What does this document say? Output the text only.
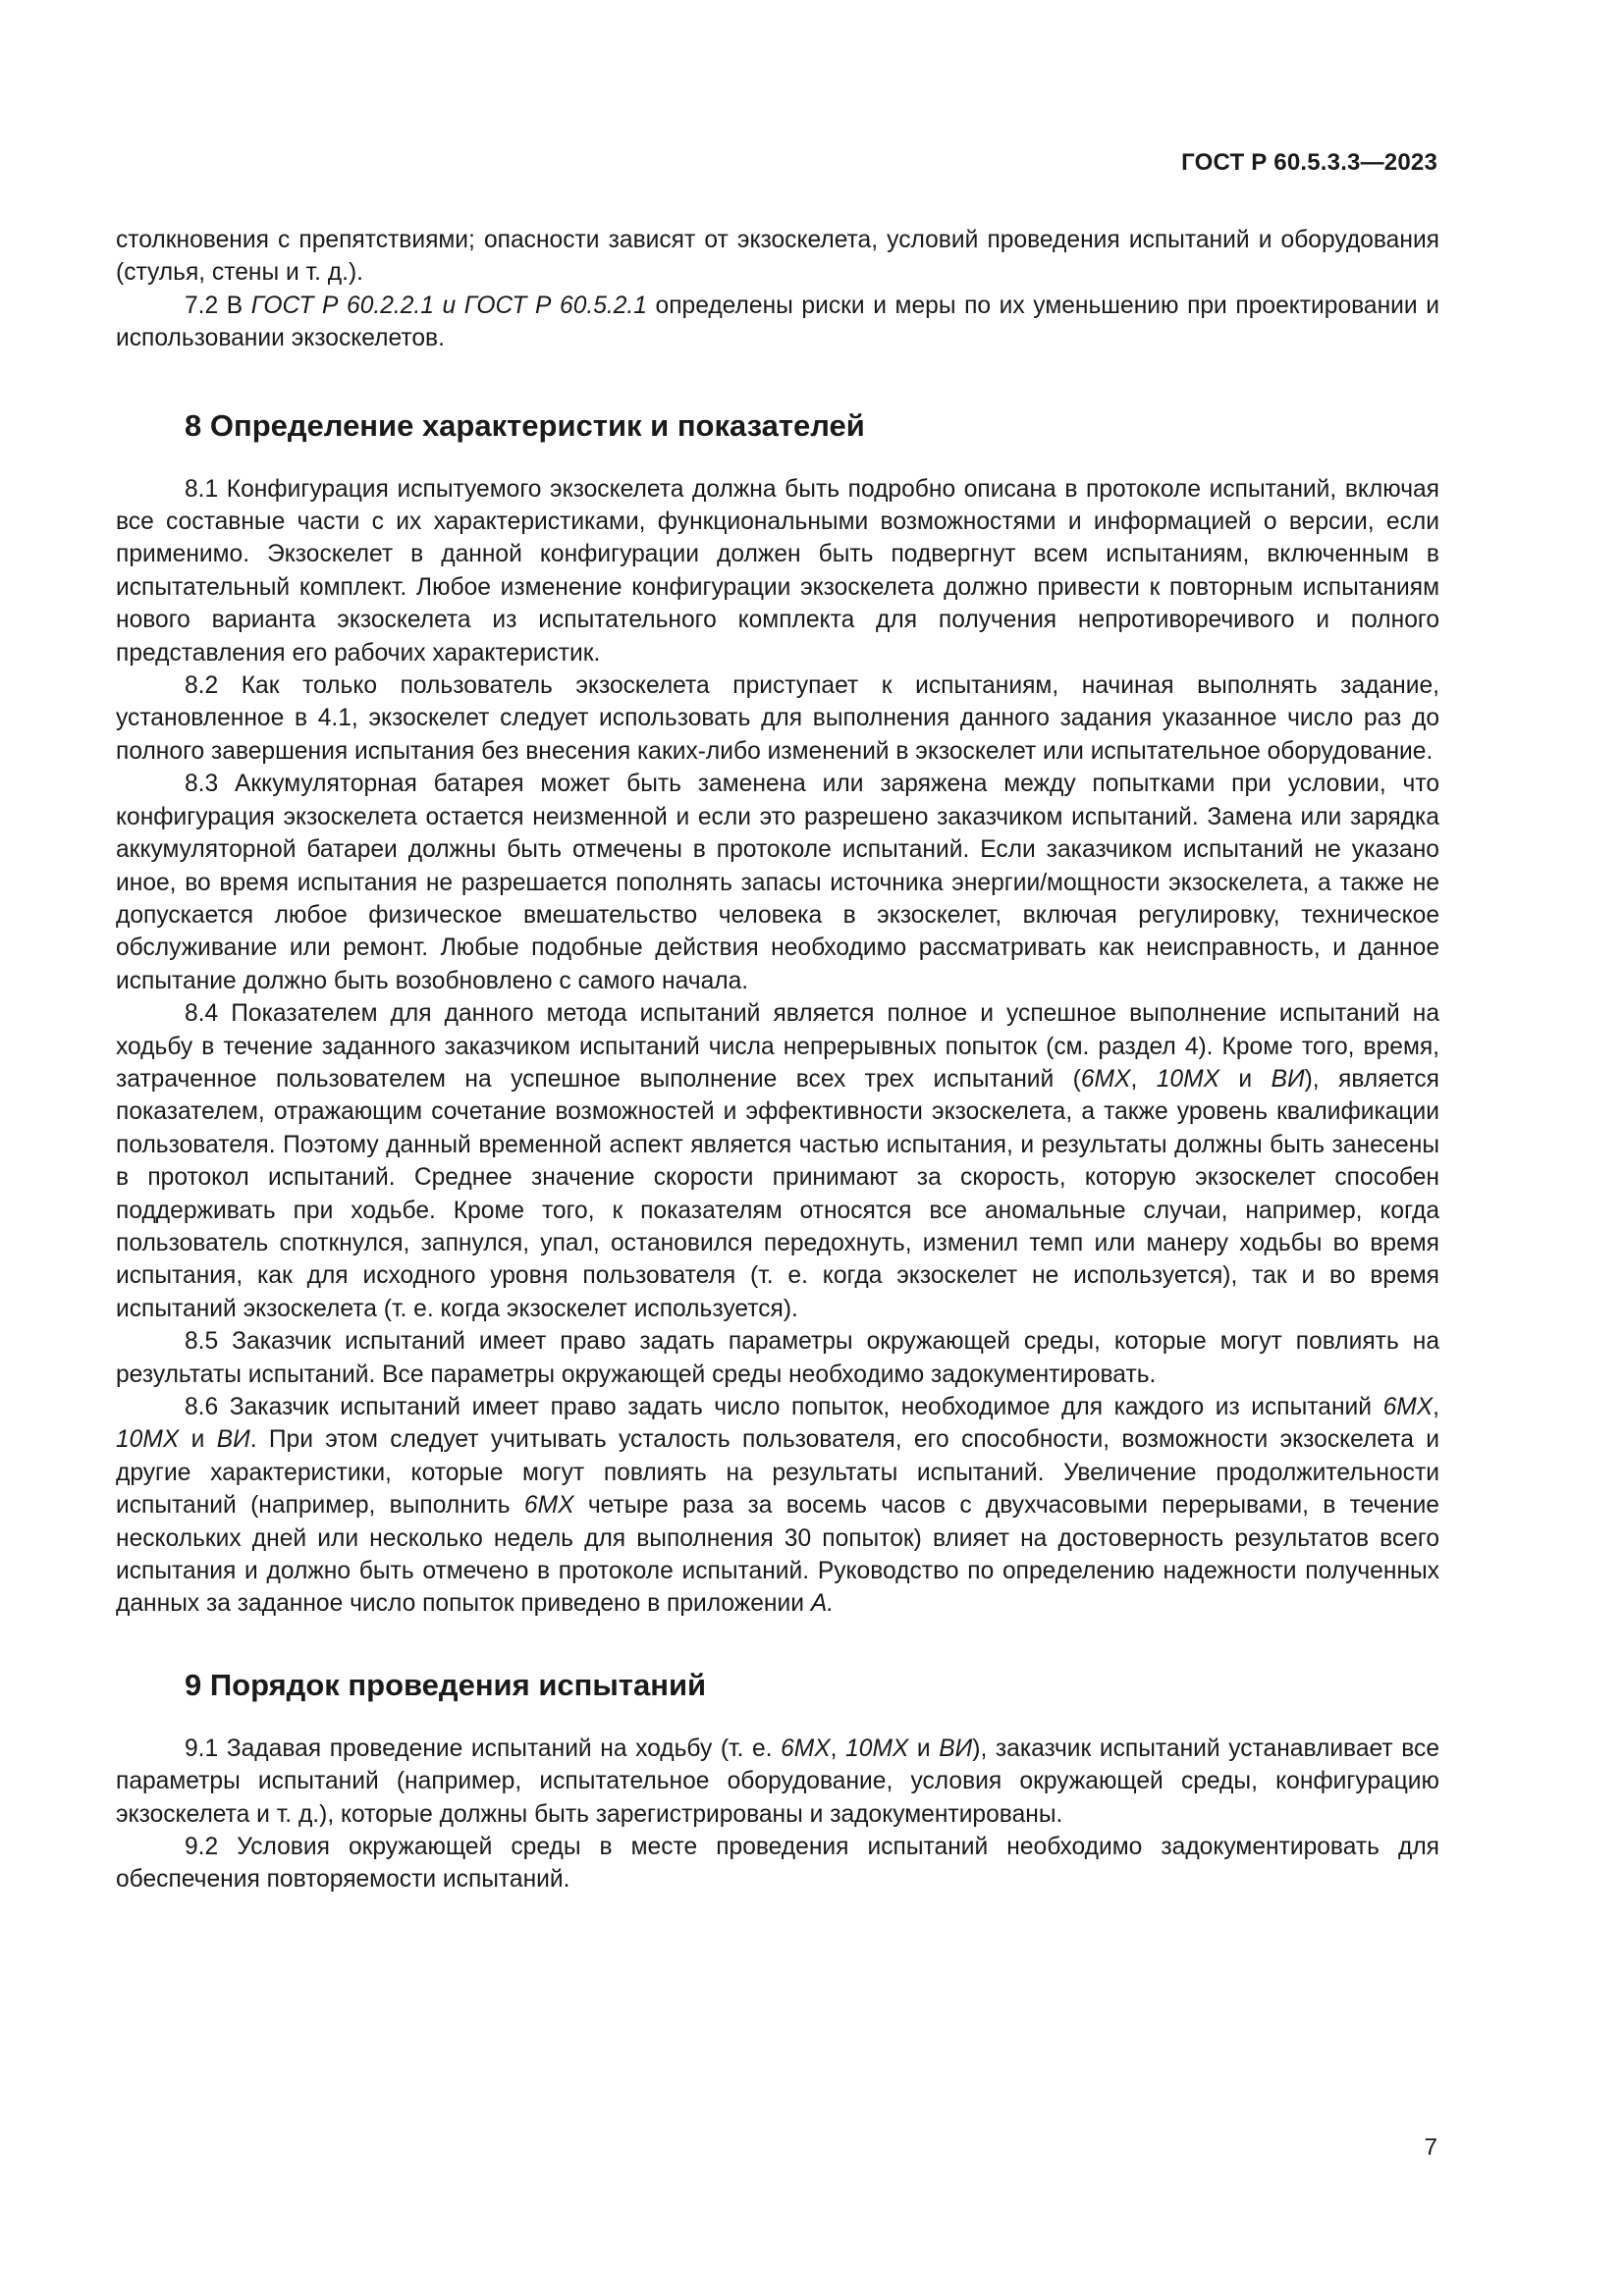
ГОСТ Р 60.5.3.3—2023

столкновения с препятствиями; опасности зависят от экзоскелета, условий проведения испытаний и оборудования (стулья, стены и т. д.).

7.2 В ГОСТ Р 60.2.2.1 и ГОСТ Р 60.5.2.1 определены риски и меры по их уменьшению при проектировании и использовании экзоскелетов.

8 Определение характеристик и показателей

8.1 Конфигурация испытуемого экзоскелета должна быть подробно описана в протоколе испытаний, включая все составные части с их характеристиками, функциональными возможностями и информацией о версии, если применимо. Экзоскелет в данной конфигурации должен быть подвергнут всем испытаниям, включенным в испытательный комплект. Любое изменение конфигурации экзоскелета должно привести к повторным испытаниям нового варианта экзоскелета из испытательного комплекта для получения непротиворечивого и полного представления его рабочих характеристик.

8.2 Как только пользователь экзоскелета приступает к испытаниям, начиная выполнять задание, установленное в 4.1, экзоскелет следует использовать для выполнения данного задания указанное число раз до полного завершения испытания без внесения каких-либо изменений в экзоскелет или испытательное оборудование.

8.3 Аккумуляторная батарея может быть заменена или заряжена между попытками при условии, что конфигурация экзоскелета остается неизменной и если это разрешено заказчиком испытаний. Замена или зарядка аккумуляторной батареи должны быть отмечены в протоколе испытаний. Если заказчиком испытаний не указано иное, во время испытания не разрешается пополнять запасы источника энергии/мощности экзоскелета, а также не допускается любое физическое вмешательство человека в экзоскелет, включая регулировку, техническое обслуживание или ремонт. Любые подобные действия необходимо рассматривать как неисправность, и данное испытание должно быть возобновлено с самого начала.

8.4 Показателем для данного метода испытаний является полное и успешное выполнение испытаний на ходьбу в течение заданного заказчиком испытаний числа непрерывных попыток (см. раздел 4). Кроме того, время, затраченное пользователем на успешное выполнение всех трех испытаний (6МХ, 10МХ и ВИ), является показателем, отражающим сочетание возможностей и эффективности экзоскелета, а также уровень квалификации пользователя. Поэтому данный временной аспект является частью испытания, и результаты должны быть занесены в протокол испытаний. Среднее значение скорости принимают за скорость, которую экзоскелет способен поддерживать при ходьбе. Кроме того, к показателям относятся все аномальные случаи, например, когда пользователь споткнулся, запнулся, упал, остановился передохнуть, изменил темп или манеру ходьбы во время испытания, как для исходного уровня пользователя (т. е. когда экзоскелет не используется), так и во время испытаний экзоскелета (т. е. когда экзоскелет используется).

8.5 Заказчик испытаний имеет право задать параметры окружающей среды, которые могут повлиять на результаты испытаний. Все параметры окружающей среды необходимо задокументировать.

8.6 Заказчик испытаний имеет право задать число попыток, необходимое для каждого из испытаний 6МХ, 10МХ и ВИ. При этом следует учитывать усталость пользователя, его способности, возможности экзоскелета и другие характеристики, которые могут повлиять на результаты испытаний. Увеличение продолжительности испытаний (например, выполнить 6МХ четыре раза за восемь часов с двухчасовыми перерывами, в течение нескольких дней или несколько недель для выполнения 30 попыток) влияет на достоверность результатов всего испытания и должно быть отмечено в протоколе испытаний. Руководство по определению надежности полученных данных за заданное число попыток приведено в приложении А.

9 Порядок проведения испытаний

9.1 Задавая проведение испытаний на ходьбу (т. е. 6МХ, 10МХ и ВИ), заказчик испытаний устанавливает все параметры испытаний (например, испытательное оборудование, условия окружающей среды, конфигурацию экзоскелета и т. д.), которые должны быть зарегистрированы и задокументированы.

9.2 Условия окружающей среды в месте проведения испытаний необходимо задокументировать для обеспечения повторяемости испытаний.

7
